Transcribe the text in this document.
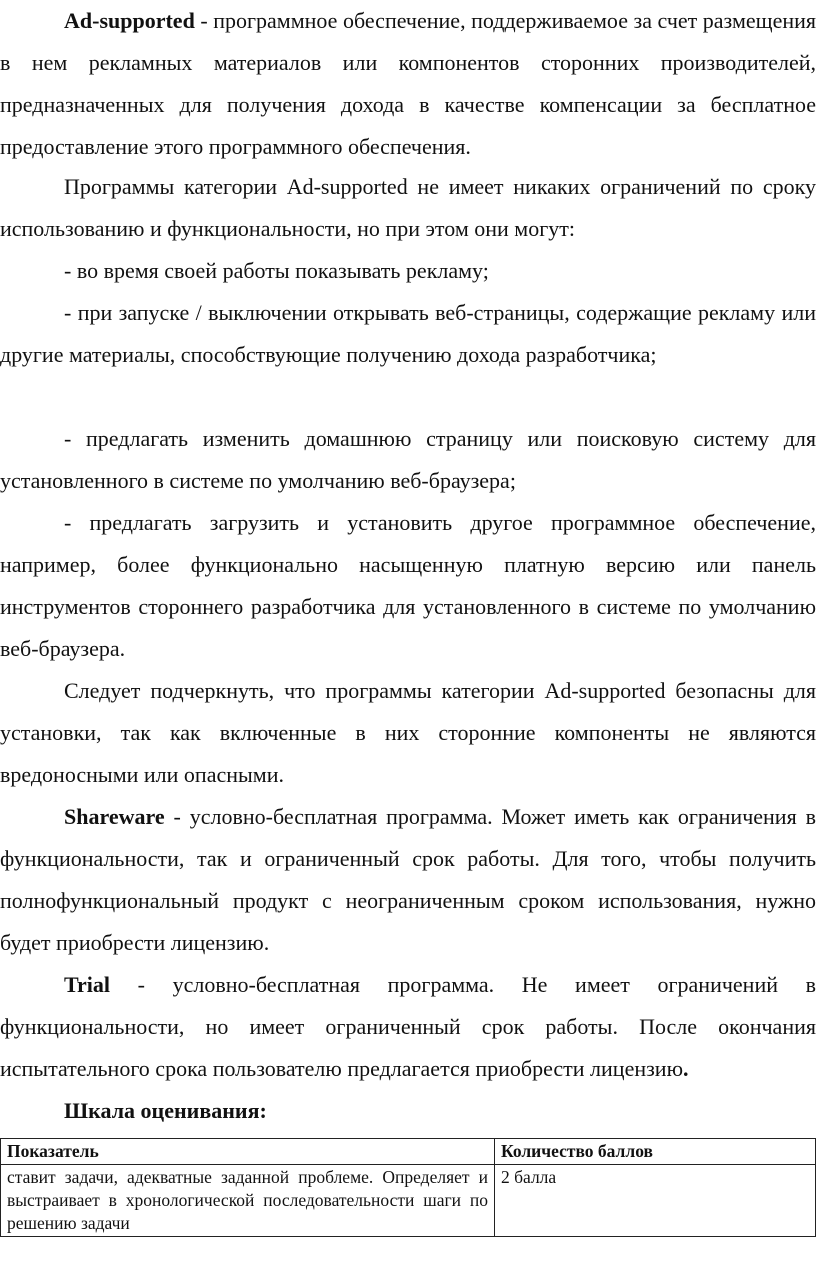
Ad-supported - программное обеспечение, поддерживаемое за счет размещения в нем рекламных материалов или компонентов сторонних производителей, предназначенных для получения дохода в качестве компенсации за бесплатное предоставление этого программного обеспечения.

Программы категории Ad-supported не имеет никаких ограничений по сроку использованию и функциональности, но при этом они могут:

- во время своей работы показывать рекламу;

- при запуске / выключении открывать веб-страницы, содержащие рекламу или другие материалы, способствующие получению дохода разработчика;

- предлагать изменить домашнюю страницу или поисковую систему для установленного в системе по умолчанию веб-браузера;

- предлагать загрузить и установить другое программное обеспечение, например, более функционально насыщенную платную версию или панель инструментов стороннего разработчика для установленного в системе по умолчанию веб-браузера.

Следует подчеркнуть, что программы категории Ad-supported безопасны для установки, так как включенные в них сторонние компоненты не являются вредоносными или опасными.

Shareware - условно-бесплатная программа. Может иметь как ограничения в функциональности, так и ограниченный срок работы. Для того, чтобы получить полнофункциональный продукт с неограниченным сроком использования, нужно будет приобрести лицензию.

Trial - условно-бесплатная программа. Не имеет ограничений в функциональности, но имеет ограниченный срок работы. После окончания испытательного срока пользователю предлагается приобрести лицензию.

Шкала оценивания:

Показатель	Количество баллов
ставит задачи, адекватные заданной проблеме. Определяет и выстраивает в хронологической последовательности шаги по решению задачи	2 балла
